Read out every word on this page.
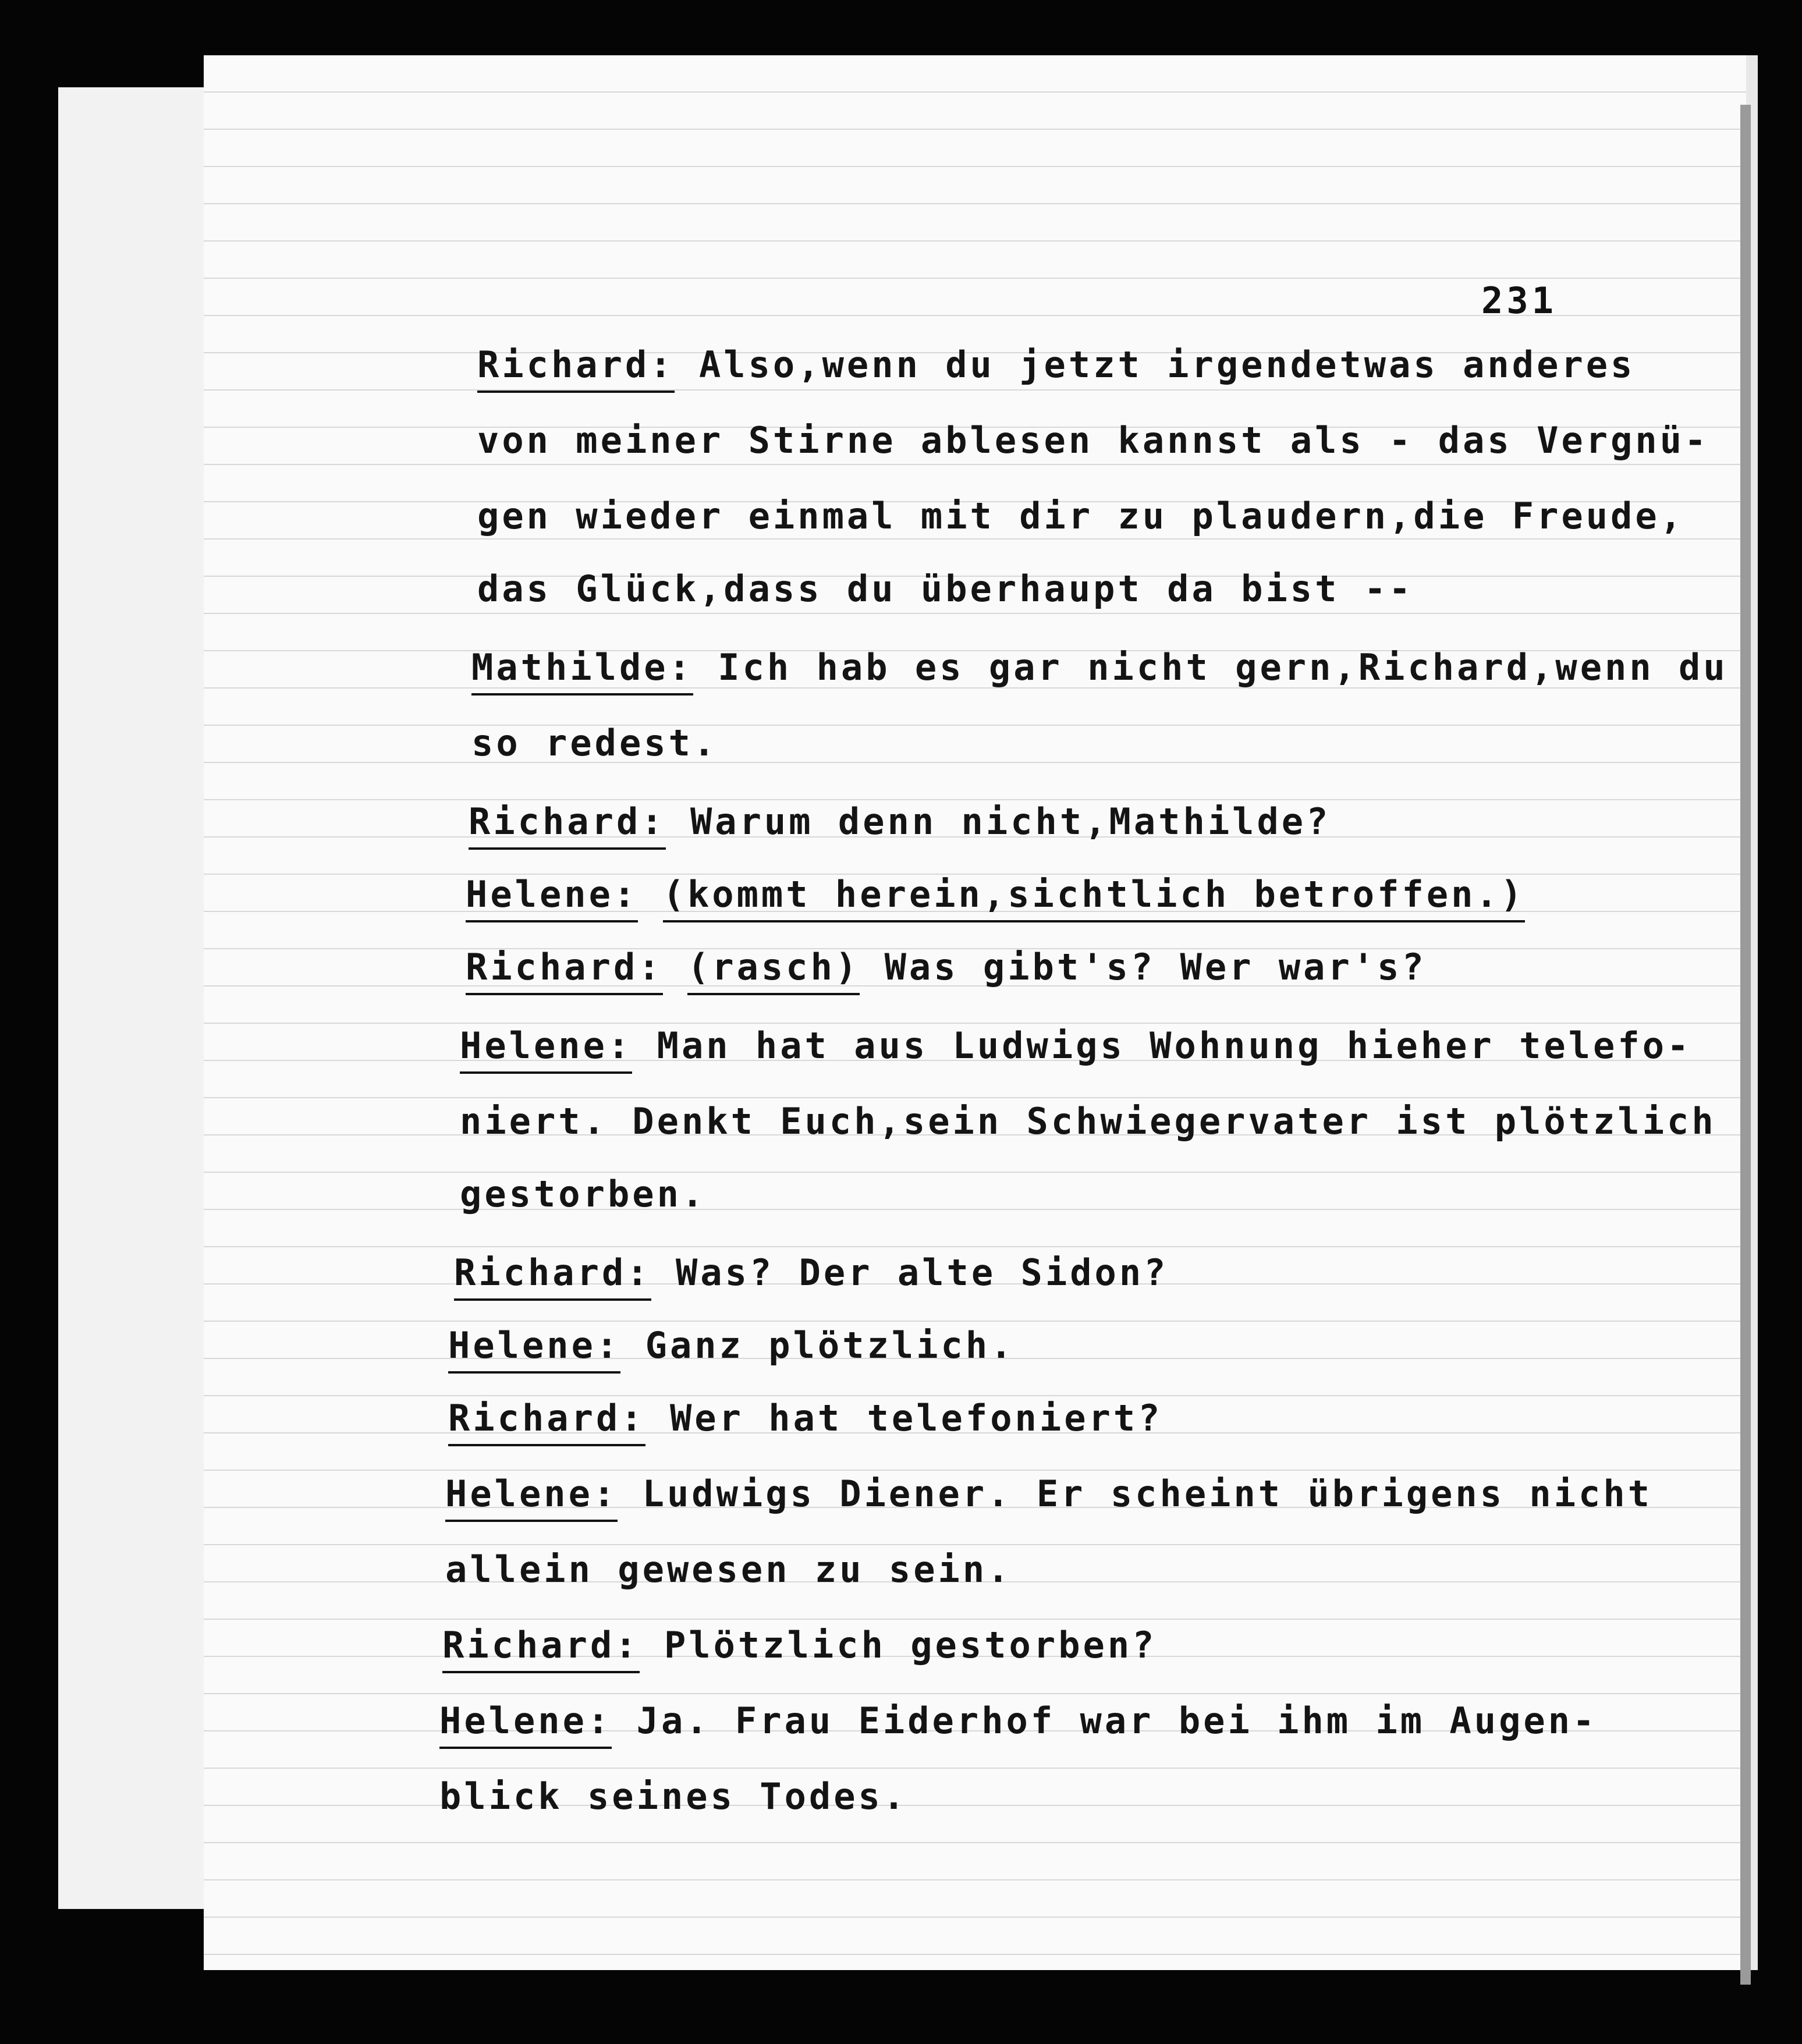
231
Richard: Also,wenn du jetzt irgendetwas anderes
von meiner Stirne ablesen kannst als - das Vergnü-
gen wieder einmal mit dir zu plaudern,die Freude,
das Glück,dass du überhaupt da bist --
Mathilde: Ich hab es gar nicht gern,Richard,wenn du
so redest.
Richard: Warum denn nicht,Mathilde?
Helene: (kommt herein,sichtlich betroffen.)
Richard: (rasch) Was gibt's? Wer war's?
Helene: Man hat aus Ludwigs Wohnung hieher telefo-
niert. Denkt Euch,sein Schwiegervater ist plötzlich
gestorben.
Richard: Was? Der alte Sidon?
Helene: Ganz plötzlich.
Richard: Wer hat telefoniert?
Helene: Ludwigs Diener. Er scheint übrigens nicht
allein gewesen zu sein.
Richard: Plötzlich gestorben?
Helene: Ja. Frau Eiderhof war bei ihm im Augen-
blick seines Todes.
